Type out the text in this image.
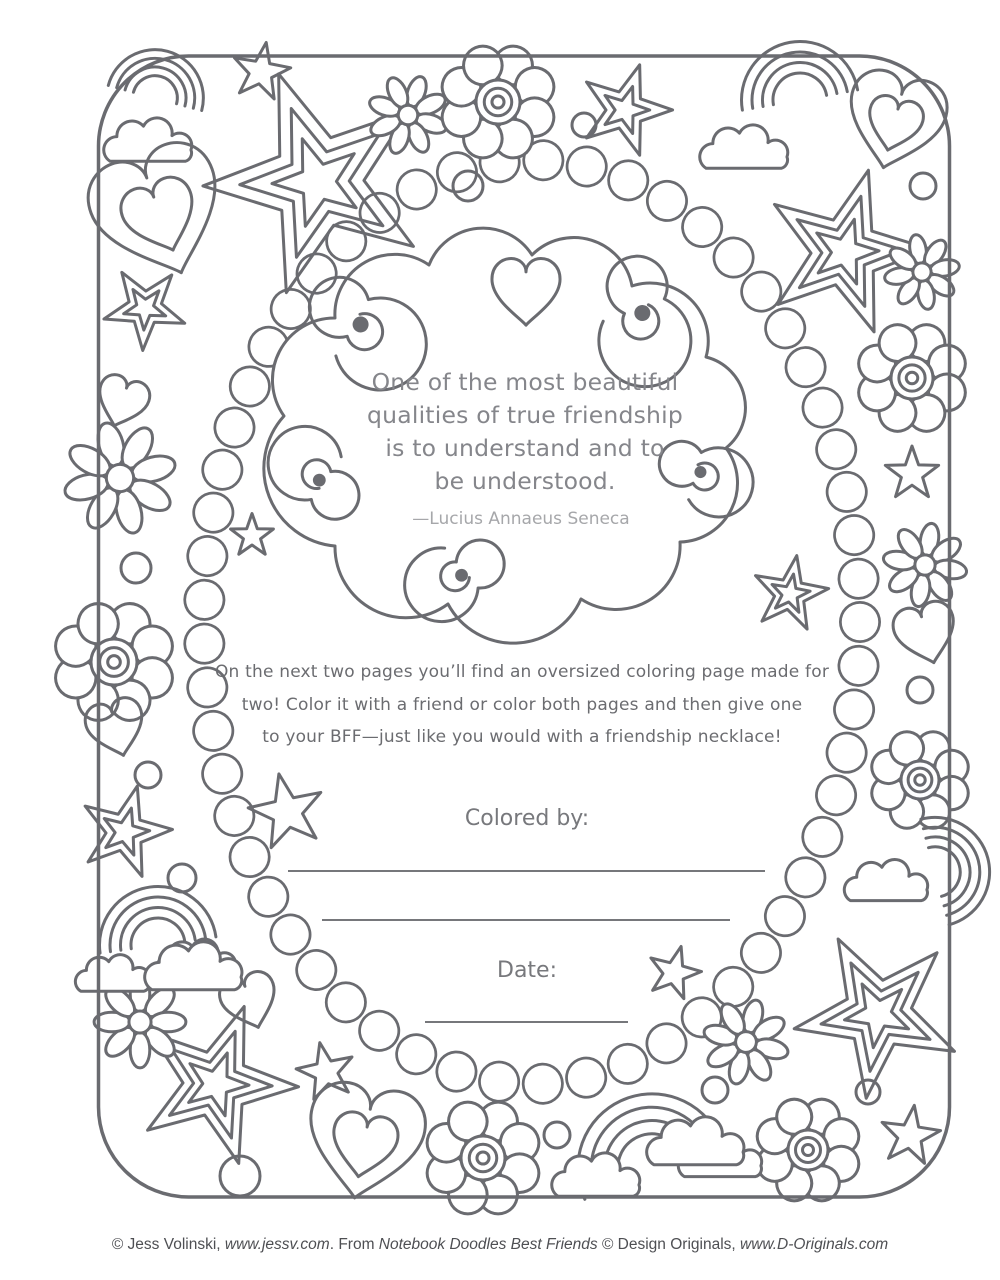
One of the most beautiful
qualities of true friendship
is to understand and to
be understood.
—Lucius Annaeus Seneca
On the next two pages you’ll find an oversized coloring page made for
two! Color it with a friend or color both pages and then give one
to your BFF—just like you would with a friendship necklace!
Colored by:
Date:
© Jess Volinski, www.jessv.com. From Notebook Doodles Best Friends © Design Originals, www.D-Originals.com
